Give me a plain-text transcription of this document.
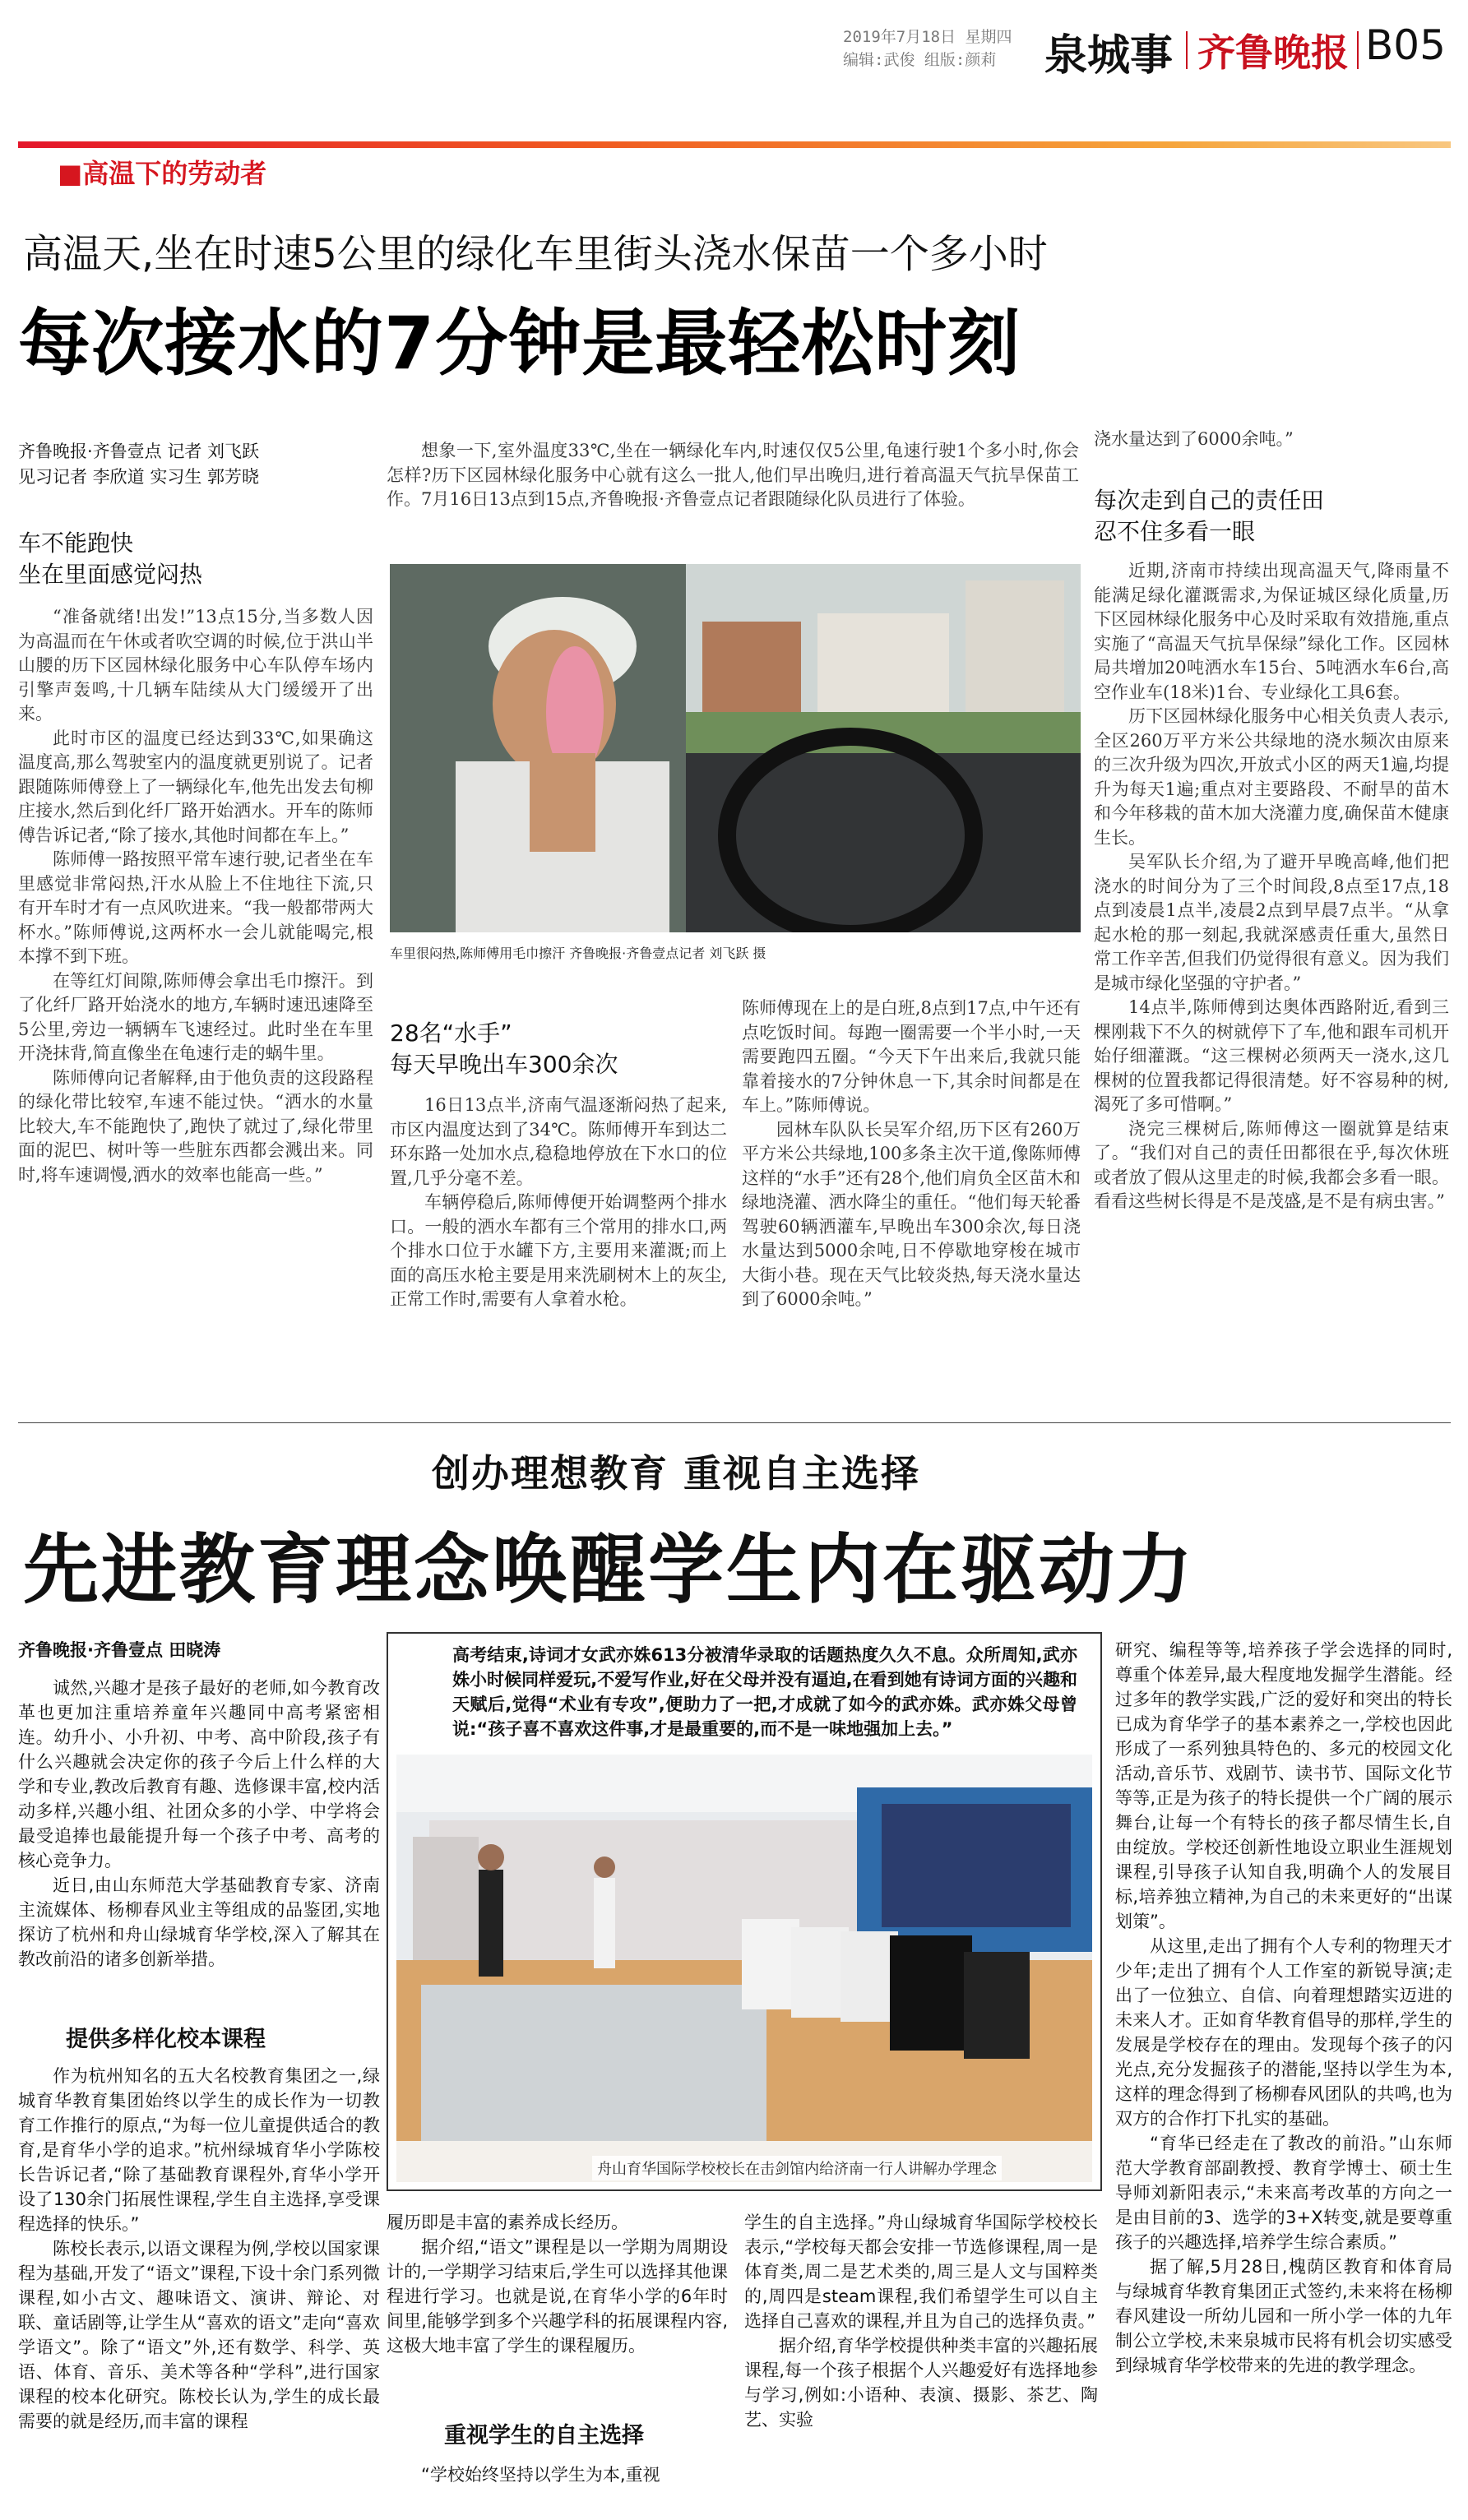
2019年7月18日 星期四
编辑:武俊 组版:颜莉 泉城事 齐鲁晚报 B05
■高温下的劳动者
高温天,坐在时速5公里的绿化车里街头浇水保苗一个多小时
每次接水的7分钟是最轻松时刻
齐鲁晚报·齐鲁壹点 记者 刘飞跃
见习记者 李欣道 实习生 郭芳晓
车不能跑快
坐在里面感觉闷热

“准备就绪!出发!”13点15分,当多数人因为高温而在午休或者吹空调的时候,位于洪山半山腰的历下区园林绿化服务中心车队停车场内引擎声轰鸣,十几辆车陆续从大门缓缓开了出来。

此时市区的温度已经达到33℃,如果确这温度高,那么驾驶室内的温度就更别说了。记者跟随陈师傅登上了一辆绿化车,他先出发去旬柳庄接水,然后到化纤厂路开始洒水。开车的陈师傅告诉记者,“除了接水,其他时间都在车上。”

陈师傅一路按照平常车速行驶,记者坐在车里感觉非常闷热,汗水从脸上不住地往下流,只有开车时才有一点风吹进来。“我一般都带两大杯水。”陈师傅说,这两杯水一会儿就能喝完,根本撑不到下班。

在等红灯间隙,陈师傅会拿出毛巾擦汗。到了化纤厂路开始浇水的地方,车辆时速迅速降至5公里,旁边一辆辆车飞速经过。此时坐在车里开浇抹背,简直像坐在龟速行走的蜗牛里。

陈师傅向记者解释,由于他负责的这段路程的绿化带比较窄,车速不能过快。“洒水的水量比较大,车不能跑快了,跑快了就过了,绿化带里面的泥巴、树叶等一些脏东西都会溅出来。同时,将车速调慢,洒水的效率也能高一些。”

想象一下,室外温度33℃,坐在一辆绿化车内,时速仅仅5公里,龟速行驶1个多小时,你会怎样?历下区园林绿化服务中心就有这么一批人,他们早出晚归,进行着高温天气抗旱保苗工作。7月16日13点到15点,齐鲁晚报·齐鲁壹点记者跟随绿化队员进行了体验。

车里很闷热,陈师傅用毛巾擦汗 齐鲁晚报·齐鲁壹点记者 刘飞跃 摄
28名“水手”
每天早晚出车300余次

16日13点半,济南气温逐渐闷热了起来,市区内温度达到了34℃。陈师傅开车到达二环东路一处加水点,稳稳地停放在下水口的位置,几乎分毫不差。

车辆停稳后,陈师傅便开始调整两个排水口。一般的洒水车都有三个常用的排水口,两个排水口位于水罐下方,主要用来灌溉;而上面的高压水枪主要是用来洗刷树木上的灰尘,正常工作时,需要有人拿着水枪。

陈师傅现在上的是白班,8点到17点,中午还有点吃饭时间。每跑一圈需要一个半小时,一天需要跑四五圈。“今天下午出来后,我就只能靠着接水的7分钟休息一下,其余时间都是在车上。”陈师傅说。

园林车队队长吴军介绍,历下区有260万平方米公共绿地,100多条主次干道,像陈师傅这样的“水手”还有28个,他们肩负全区苗木和绿地浇灌、洒水降尘的重任。“他们每天轮番驾驶60辆洒灌车,早晚出车300余次,每日浇水量达到5000余吨,日不停歇地穿梭在城市大街小巷。现在天气比较炎热,每天浇水量达到了6000余吨。”

浇水量达到了6000余吨。”
每次走到自己的责任田
忍不住多看一眼

近期,济南市持续出现高温天气,降雨量不能满足绿化灌溉需求,为保证城区绿化质量,历下区园林绿化服务中心及时采取有效措施,重点实施了“高温天气抗旱保绿”绿化工作。区园林局共增加20吨洒水车15台、5吨洒水车6台,高空作业车(18米)1台、专业绿化工具6套。

历下区园林绿化服务中心相关负责人表示,全区260万平方米公共绿地的浇水频次由原来的三次升级为四次,开放式小区的两天1遍,均提升为每天1遍;重点对主要路段、不耐旱的苗木和今年移栽的苗木加大浇灌力度,确保苗木健康生长。

吴军队长介绍,为了避开早晚高峰,他们把浇水的时间分为了三个时间段,8点至17点,18点到凌晨1点半,凌晨2点到早晨7点半。“从拿起水枪的那一刻起,我就深感责任重大,虽然日常工作辛苦,但我们仍觉得很有意义。因为我们是城市绿化坚强的守护者。”

14点半,陈师傅到达奥体西路附近,看到三棵刚栽下不久的树就停下了车,他和跟车司机开始仔细灌溉。“这三棵树必须两天一浇水,这几棵树的位置我都记得很清楚。好不容易种的树,渴死了多可惜啊。”

浇完三棵树后,陈师傅这一圈就算是结束了。“我们对自己的责任田都很在乎,每次休班或者放了假从这里走的时候,我都会多看一眼。看看这些树长得是不是茂盛,是不是有病虫害。”

创办理想教育 重视自主选择
先进教育理念唤醒学生内在驱动力
齐鲁晚报·齐鲁壹点 田晓涛

诚然,兴趣才是孩子最好的老师,如今教育改革也更加注重培养童年兴趣同中高考紧密相连。幼升小、小升初、中考、高中阶段,孩子有什么兴趣就会决定你的孩子今后上什么样的大学和专业,教改后教育有趣、选修课丰富,校内活动多样,兴趣小组、社团众多的小学、中学将会最受追捧也最能提升每一个孩子中考、高考的核心竞争力。

近日,由山东师范大学基础教育专家、济南主流媒体、杨柳春风业主等组成的品鉴团,实地探访了杭州和舟山绿城育华学校,深入了解其在教改前沿的诸多创新举措。

提供多样化校本课程

作为杭州知名的五大名校教育集团之一,绿城育华教育集团始终以学生的成长作为一切教育工作推行的原点,“为每一位儿童提供适合的教育,是育华小学的追求。”杭州绿城育华小学陈校长告诉记者,“除了基础教育课程外,育华小学开设了130余门拓展性课程,学生自主选择,享受课程选择的快乐。”

陈校长表示,以语文课程为例,学校以国家课程为基础,开发了“语文”课程,下设十余门系列微课程,如小古文、趣味语文、演讲、辩论、对联、童话剧等,让学生从“喜欢的语文”走向“喜欢学语文”。除了“语文”外,还有数学、科学、英语、体育、音乐、美术等各种“学科”,进行国家课程的校本化研究。陈校长认为,学生的成长最需要的就是经历,而丰富的课程

高考结束,诗词才女武亦姝613分被清华录取的话题热度久久不息。众所周知,武亦姝小时候同样爱玩,不爱写作业,好在父母并没有逼迫,在看到她有诗词方面的兴趣和天赋后,觉得“术业有专攻”,便助力了一把,才成就了如今的武亦姝。武亦姝父母曾说:“孩子喜不喜欢这件事,才是最重要的,而不是一味地强加上去。”
舟山育华国际学校校长在击剑馆内给济南一行人讲解办学理念

履历即是丰富的素养成长经历。

据介绍,“语文”课程是以一学期为周期设计的,一学期学习结束后,学生可以选择其他课程进行学习。也就是说,在育华小学的6年时间里,能够学到多个兴趣学科的拓展课程内容,这极大地丰富了学生的课程履历。

重视学生的自主选择

“学校始终坚持以学生为本,重视

学生的自主选择。”舟山绿城育华国际学校校长表示,“学校每天都会安排一节选修课程,周一是体育类,周二是艺术类的,周三是人文与国粹类的,周四是steam课程,我们希望学生可以自主选择自己喜欢的课程,并且为自己的选择负责。”

据介绍,育华学校提供种类丰富的兴趣拓展课程,每一个孩子根据个人兴趣爱好有选择地参与学习,例如:小语种、表演、摄影、茶艺、陶艺、实验

研究、编程等等,培养孩子学会选择的同时,尊重个体差异,最大程度地发掘学生潜能。经过多年的教学实践,广泛的爱好和突出的特长已成为育华学子的基本素养之一,学校也因此形成了一系列独具特色的、多元的校园文化活动,音乐节、戏剧节、读书节、国际文化节等等,正是为孩子的特长提供一个广阔的展示舞台,让每一个有特长的孩子都尽情生长,自由绽放。学校还创新性地设立职业生涯规划课程,引导孩子认知自我,明确个人的发展目标,培养独立精神,为自己的未来更好的“出谋划策”。

从这里,走出了拥有个人专利的物理天才少年;走出了拥有个人工作室的新锐导演;走出了一位独立、自信、向着理想踏实迈进的未来人才。正如育华教育倡导的那样,学生的发展是学校存在的理由。发现每个孩子的闪光点,充分发掘孩子的潜能,坚持以学生为本,这样的理念得到了杨柳春风团队的共鸣,也为双方的合作打下扎实的基础。

“育华已经走在了教改的前沿。”山东师范大学教育部副教授、教育学博士、硕士生导师刘新阳表示,“未来高考改革的方向之一是由目前的3、选学的3+X转变,就是要尊重孩子的兴趣选择,培养学生综合素质。”

据了解,5月28日,槐荫区教育和体育局与绿城育华教育集团正式签约,未来将在杨柳春风建设一所幼儿园和一所小学一体的九年制公立学校,未来泉城市民将有机会切实感受到绿城育华学校带来的先进的教学理念。
